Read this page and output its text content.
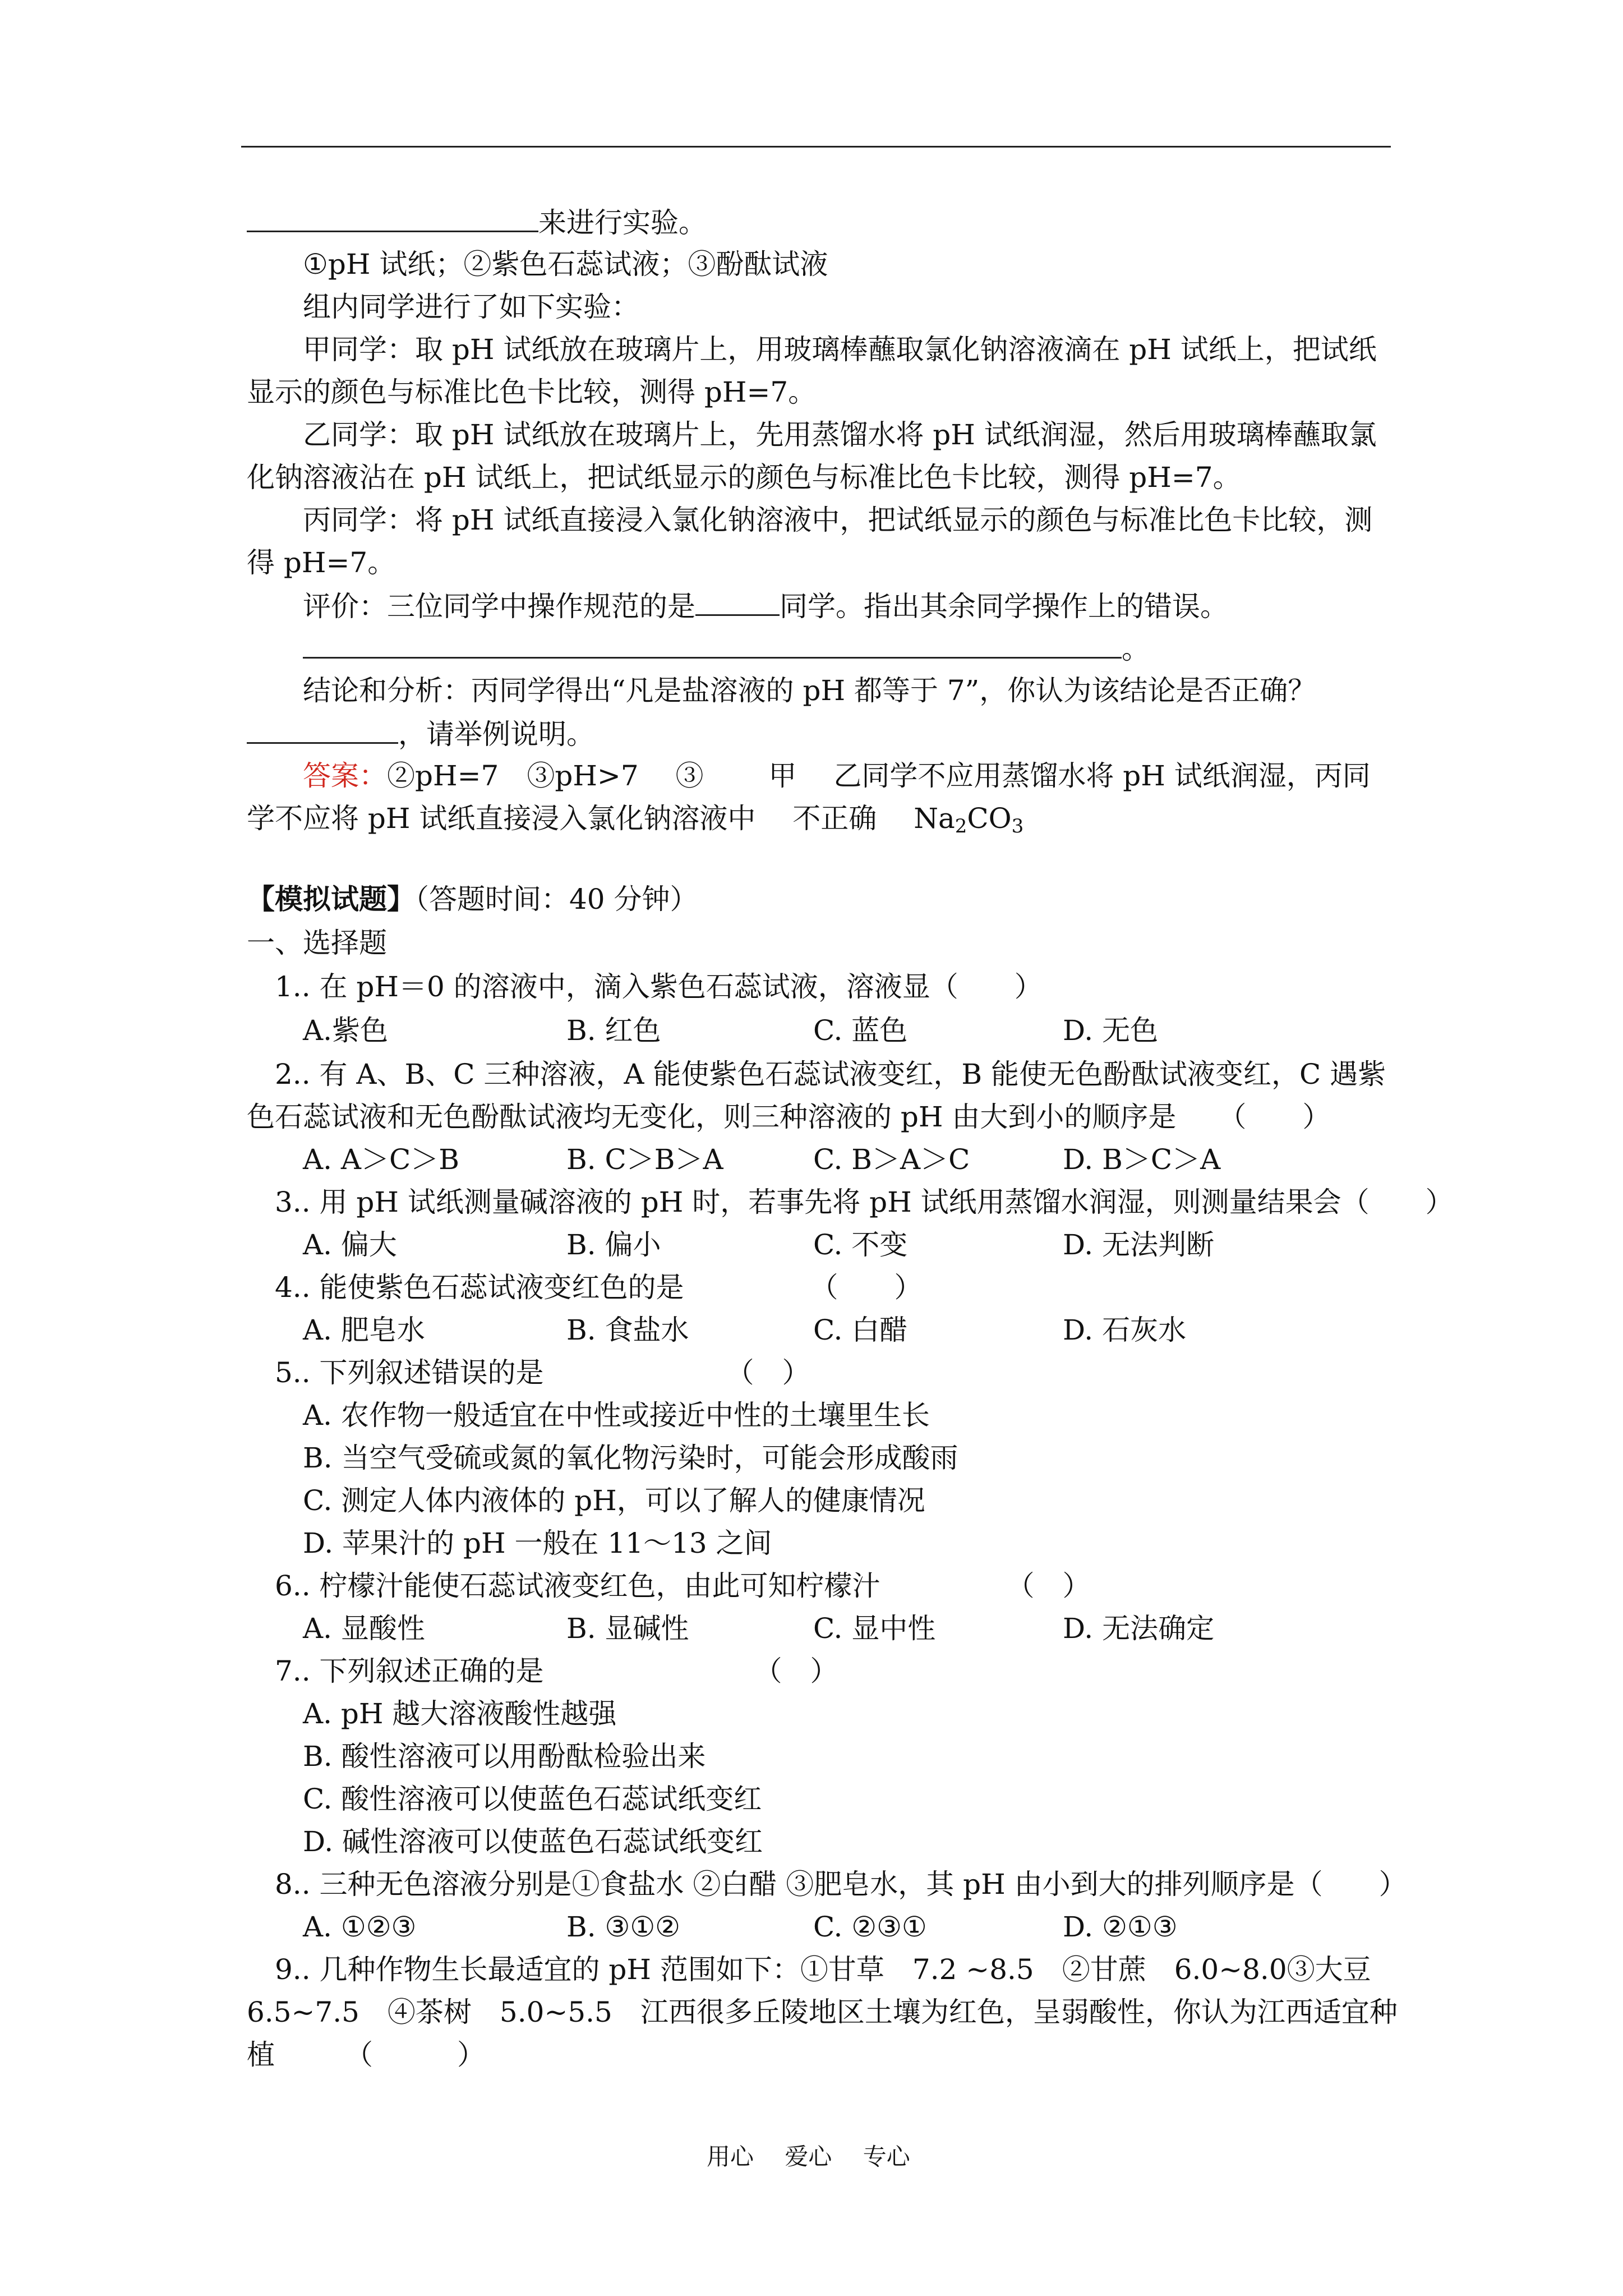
来进行实验。
①pH 试纸；②紫色石蕊试液；③酚酞试液
组内同学进行了如下实验：
甲同学：取 pH 试纸放在玻璃片上，用玻璃棒蘸取氯化钠溶液滴在 pH 试纸上，把试纸
显示的颜色与标准比色卡比较，测得 pH=7。
乙同学：取 pH 试纸放在玻璃片上，先用蒸馏水将 pH 试纸润湿，然后用玻璃棒蘸取氯
化钠溶液沾在 pH 试纸上，把试纸显示的颜色与标准比色卡比较，测得 pH=7。
丙同学：将 pH 试纸直接浸入氯化钠溶液中，把试纸显示的颜色与标准比色卡比较，测
得 pH=7。
评价：三位同学中操作规范的是	同学。指出其余同学操作上的错误。
。
结论和分析：丙同学得出“凡是盐溶液的 pH 都等于 7”，你认为该结论是否正确？
，请举例说明。
答案：②pH=7　③pH>7　 ③　　 甲　 乙同学不应用蒸馏水将 pH 试纸润湿，丙同
学不应将 pH 试纸直接浸入氯化钠溶液中　 不正确　 $Na_2CO_3$
【模拟试题】（答题时间：40 分钟）
一、选择题
1.. 在 pH＝0 的溶液中，滴入紫色石蕊试液，溶液显（　　）
A.紫色	B. 红色	C. 蓝色	D. 无色
2.. 有 A、B、C 三种溶液，A 能使紫色石蕊试液变红，B 能使无色酚酞试液变红，C 遇紫
色石蕊试液和无色酚酞试液均无变化，则三种溶液的 pH 由大到小的顺序是　　（　　）
A. A＞C＞B	B. C＞B＞A	C. B＞A＞C	D. B＞C＞A
3.. 用 pH 试纸测量碱溶液的 pH 时，若事先将 pH 试纸用蒸馏水润湿，则测量结果会（　　）
A. 偏大	B. 偏小	C. 不变	D. 无法判断
4.. 能使紫色石蕊试液变红色的是　　　　　（　　）
A. 肥皂水	B. 食盐水	C. 白醋	D. 石灰水
5.. 下列叙述错误的是　　　　　　　（　）
A. 农作物一般适宜在中性或接近中性的土壤里生长
B. 当空气受硫或氮的氧化物污染时，可能会形成酸雨
C. 测定人体内液体的 pH，可以了解人的健康情况
D. 苹果汁的 pH 一般在 11～13 之间
6.. 柠檬汁能使石蕊试液变红色，由此可知柠檬汁　　　　　（　）
A. 显酸性	B. 显碱性	C. 显中性	D. 无法确定
7.. 下列叙述正确的是　　　　　　　　（　）
A. pH 越大溶液酸性越强
B. 酸性溶液可以用酚酞检验出来
C. 酸性溶液可以使蓝色石蕊试纸变红
D. 碱性溶液可以使蓝色石蕊试纸变红
8.. 三种无色溶液分别是①食盐水 ②白醋 ③肥皂水，其 pH 由小到大的排列顺序是（　　）
A. ①②③	B. ③①②	C. ②③①	D. ②①③
9.. 几种作物生长最适宜的 pH 范围如下：①甘草　7.2 ~8.5　②甘蔗　6.0~8.0③大豆
6.5~7.5　④茶树　5.0~5.5　江西很多丘陵地区土壤为红色，呈弱酸性，你认为江西适宜种
植　　　（　　　）
用心　 爱心　 专心
